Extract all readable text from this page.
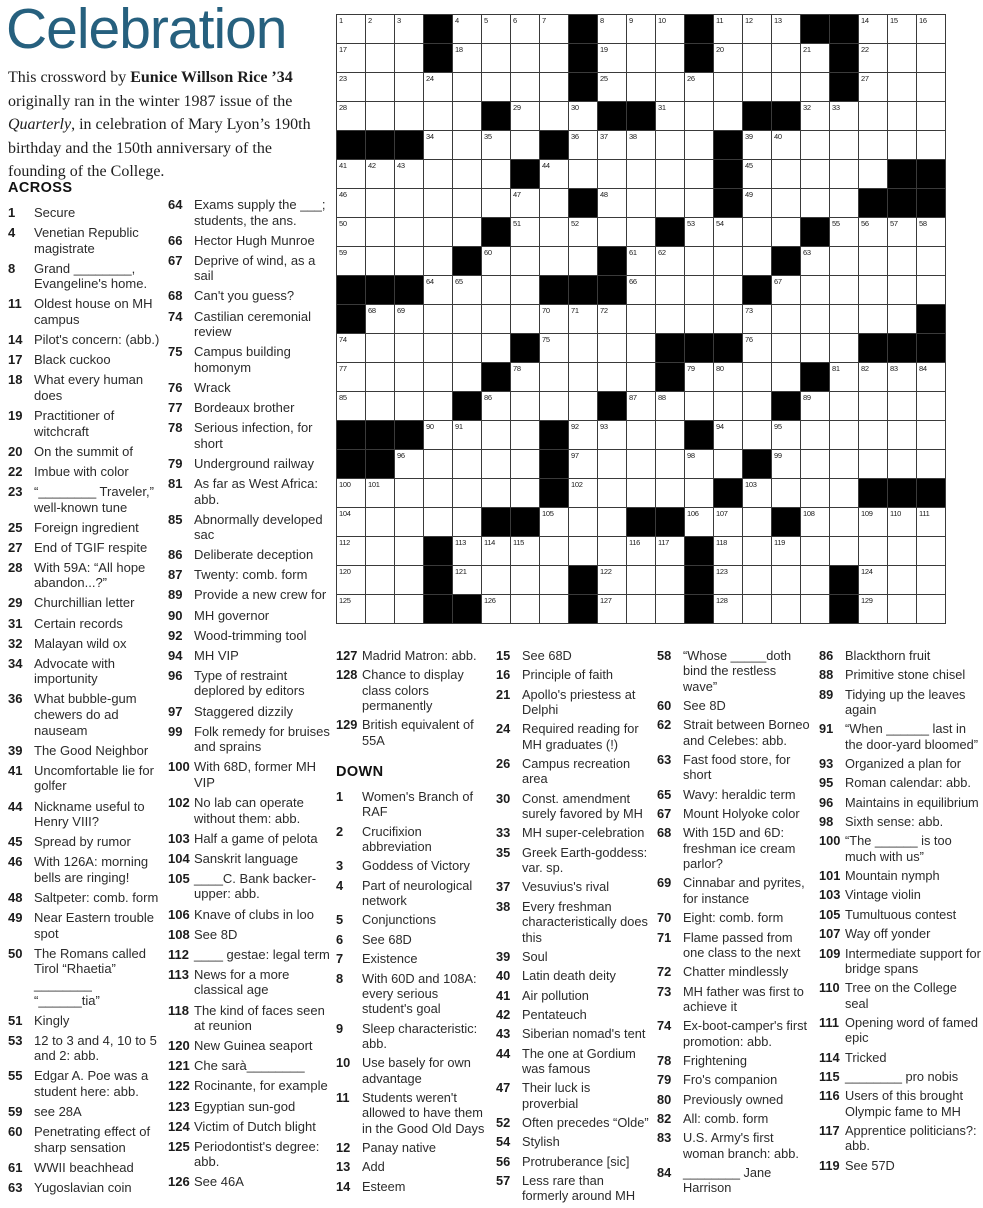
Celebration
This crossword by Eunice Willson Rice ’34 originally ran in the winter 1987 issue of the Quarterly, in celebration of Mary Lyon’s 190th birthday and the 150th anniversary of the founding of the College.
1	2	3	4	5	6	7	8	9	10	11	12	13	14	15	16
17	18	19	20	21	22
23	24	25	26	27
28	29	30	31	32	33
34	35	36	37	38	39	40
41	42	43	44	45
46	47	48	49
50	51	52	53	54	55	56	57	58
59	60	61	62	63
64	65	66	67
68	69	70	71	72	73
74	75	76
77	78	79	80	81	82	83	84
85	86	87	88	89
90	91	92	93	94	95
96	97	98	99
100 101	102	103
104	105	106 107	108	109 110 111
112	113 114 115	116 117	118	119
120	121	122	123	124
125	126	127	128	129
ACROSS
1	Secure
4	Venetian Republic magistrate
8	Grand ________, Evangeline's home.
11 Oldest house on MH campus
14 Pilot's concern: (abb.)
17 Black cuckoo
18 What every human does
19 Practitioner of witchcraft
20 On the summit of
22 Imbue with color
23 “________ Traveler,” well-known tune
25 Foreign ingredient
27 End of TGIF respite
28 With 59A: “All hope abandon...?”
29 Churchillian letter
31 Certain records
32 Malayan wild ox
34 Advocate with importunity
36 What bubble-gum chewers do ad nauseam
39 The Good Neighbor
41 Uncomfortable lie for golfer
44 Nickname useful to Henry VIII?
45 Spread by rumor
46 With 126A: morning bells are ringing!
48 Saltpeter: comb. form
49 Near Eastern trouble spot
50 The Romans called Tirol “Rhaetia” ________ “______tia”
51 Kingly
53 12 to 3 and 4, 10 to 5 and 2: abb.
55 Edgar A. Poe was a student here: abb.
59 see 28A
60 Penetrating effect of sharp sensation
61 WWII beachhead
63 Yugoslavian coin
64 Exams supply the ___; students, the ans.
66 Hector Hugh Munroe
67 Deprive of wind, as a sail
68 Can't you guess?
74 Castilian ceremonial review
75 Campus building homonym
76 Wrack
77 Bordeaux brother
78 Serious infection, for short
79 Underground railway
81 As far as West Africa: abb.
85 Abnormally developed sac
86 Deliberate deception
87 Twenty: comb. form
89 Provide a new crew for
90 MH governor
92 Wood-trimming tool
94 MH VIP
96 Type of restraint deplored by editors
97 Staggered dizzily
99 Folk remedy for bruises and sprains
100 With 68D, former MH VIP
102 No lab can operate without them: abb.
103 Half a game of pelota
104 Sanskrit language
105 ____C. Bank backer-upper: abb.
106 Knave of clubs in loo
108 See 8D
112 ____ gestae: legal term
113 News for a more classical age
118 The kind of faces seen at reunion
120 New Guinea seaport
121 Che sarà________
122 Rocinante, for example
123 Egyptian sun-god
124 Victim of Dutch blight
125 Periodontist's degree: abb.
126 See 46A
127 Madrid Matron: abb.
128 Chance to display class colors permanently
129 British equivalent of 55A
DOWN
1	Women's Branch of RAF
2	Crucifixion abbreviation
3	Goddess of Victory
4	Part of neurological network
5	Conjunctions
6	See 68D
7	Existence
8	With 60D and 108A: every serious student's goal
9	Sleep characteristic: abb.
10 Use basely for own advantage
11 Students weren't allowed to have them in the Good Old Days
12 Panay native
13 Add
14 Esteem
15 See 68D
16 Principle of faith
21 Apollo's priestess at Delphi
24 Required reading for MH graduates (!)
26 Campus recreation area
30 Const. amendment surely favored by MH
33 MH super-celebration
35 Greek Earth-goddess: var. sp.
37 Vesuvius's rival
38 Every freshman characteristically does this
39 Soul
40 Latin death deity
41 Air pollution
42 Pentateuch
43 Siberian nomad's tent
44 The one at Gordium was famous
47 Their luck is proverbial
52 Often precedes “Olde”
54 Stylish
56 Protruberance [sic]
57 Less rare than formerly around MH
58 “Whose _____doth bind the restless wave”
60 See 8D
62 Strait between Borneo and Celebes: abb.
63 Fast food store, for short
65 Wavy: heraldic term
67 Mount Holyoke color
68 With 15D and 6D: freshman ice cream parlor?
69 Cinnabar and pyrites, for instance
70 Eight: comb. form
71 Flame passed from one class to the next
72 Chatter mindlessly
73 MH father was first to achieve it
74 Ex-boot-camper's first promotion: abb.
78 Frightening
79 Fro's companion
80 Previously owned
82 All: comb. form
83 U.S. Army's first woman branch: abb.
84 ________ Jane Harrison
86 Blackthorn fruit
88 Primitive stone chisel
89 Tidying up the leaves again
91 “When ______ last in the door-yard bloomed”
93 Organized a plan for
95 Roman calendar: abb.
96 Maintains in equilibrium
98 Sixth sense: abb.
100 “The ______ is too much with us”
101 Mountain nymph
103 Vintage violin
105 Tumultuous contest
107 Way off yonder
109 Intermediate support for bridge spans
110 Tree on the College seal
111 Opening word of famed epic
114 Tricked
115 ________ pro nobis
116 Users of this brought Olympic fame to MH
117 Apprentice politicians?: abb.
119 See 57D
